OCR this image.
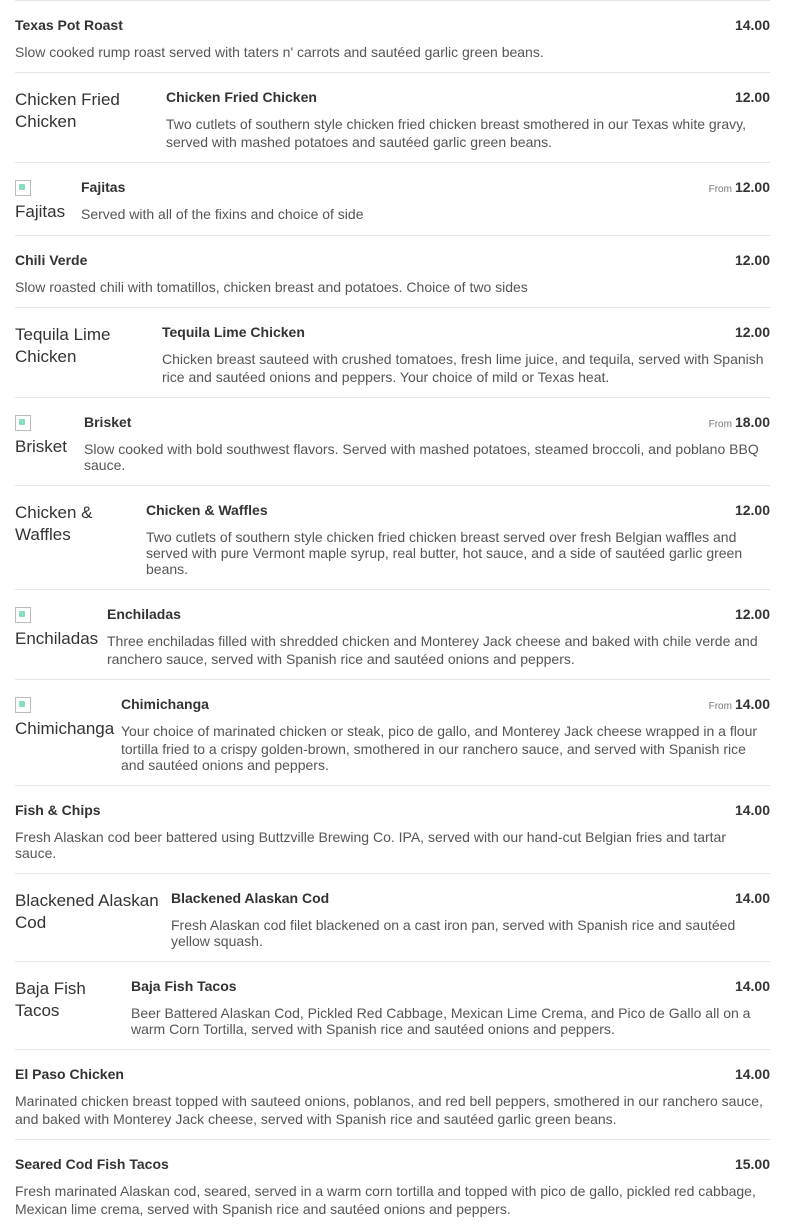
Texas Pot Roast	14.00
Slow cooked rump roast served with taters n' carrots and sautéed garlic green beans.
Chicken Fried Chicken
Chicken Fried Chicken	12.00
Two cutlets of southern style chicken fried chicken breast smothered in our Texas white gravy, served with mashed potatoes and sautéed garlic green beans.

Fajitas
Fajitas	From 12.00
Served with all of the fixins and choice of side
Chili Verde	12.00
Slow roasted chili with tomatillos, chicken breast and potatoes. Choice of two sides
Tequila Lime Chicken
Tequila Lime Chicken	12.00
Chicken breast sauteed with crushed tomatoes, fresh lime juice, and tequila, served with Spanish rice and sautéed onions and peppers. Your choice of mild or Texas heat.

Brisket
Brisket	From 18.00
Slow cooked with bold southwest flavors. Served with mashed potatoes, steamed broccoli, and poblano BBQ sauce.
Chicken & Waffles
Chicken & Waffles	12.00
Two cutlets of southern style chicken fried chicken breast served over fresh Belgian waffles and served with pure Vermont maple syrup, real butter, hot sauce, and a side of sautéed garlic green beans.

Enchiladas
Enchiladas	12.00
Three enchiladas filled with shredded chicken and Monterey Jack cheese and baked with chile verde and ranchero sauce, served with Spanish rice and sautéed onions and peppers.

Chimichanga
Chimichanga	From 14.00
Your choice of marinated chicken or steak, pico de gallo, and Monterey Jack cheese wrapped in a flour tortilla fried to a crispy golden-brown, smothered in our ranchero sauce, and served with Spanish rice and sautéed onions and peppers.
Fish & Chips	14.00
Fresh Alaskan cod beer battered using Buttzville Brewing Co. IPA, served with our hand-cut Belgian fries and tartar sauce.
Blackened Alaskan Cod
Blackened Alaskan Cod	14.00
Fresh Alaskan cod filet blackened on a cast iron pan, served with Spanish rice and sautéed yellow squash.
Baja Fish Tacos
Baja Fish Tacos	14.00
Beer Battered Alaskan Cod, Pickled Red Cabbage, Mexican Lime Crema, and Pico de Gallo all on a warm Corn Tortilla, served with Spanish rice and sautéed onions and peppers.
El Paso Chicken	14.00
Marinated chicken breast topped with sauteed onions, poblanos, and red bell peppers, smothered in our ranchero sauce, and baked with Monterey Jack cheese, served with Spanish rice and sautéed garlic green beans.
Seared Cod Fish Tacos	15.00
Fresh marinated Alaskan cod, seared, served in a warm corn tortilla and topped with pico de gallo, pickled red cabbage, Mexican lime crema, served with Spanish rice and sautéed onions and peppers.
